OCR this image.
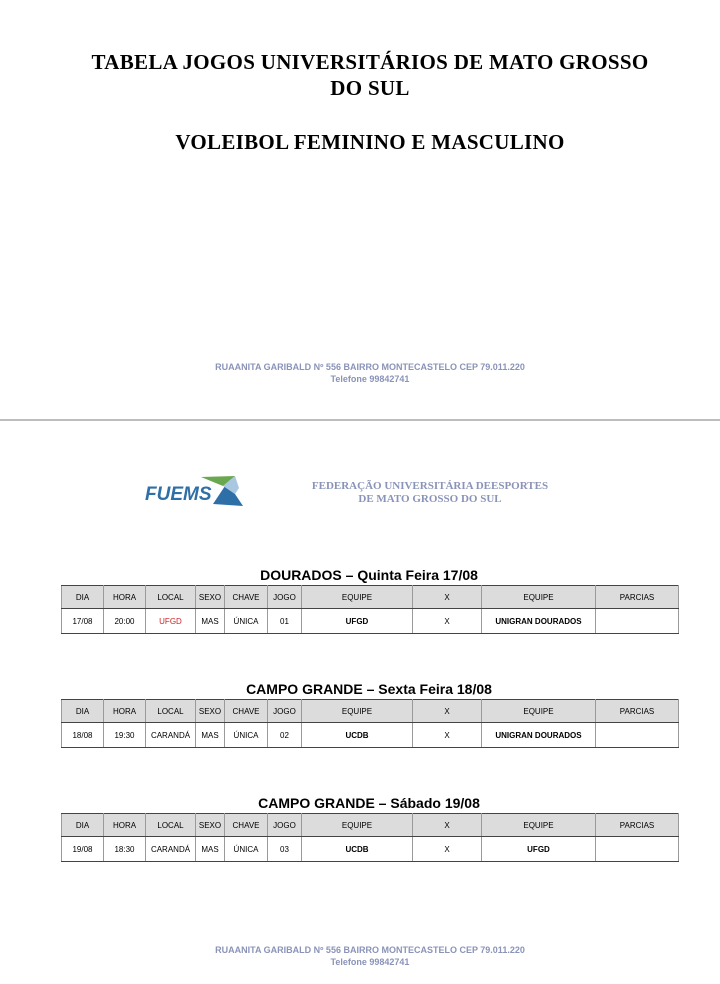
TABELA JOGOS UNIVERSITÁRIOS DE MATO GROSSO
DO SUL
VOLEIBOL FEMININO E MASCULINO
RUAANITA GARIBALD Nº 556 BAIRRO MONTECASTELO CEP 79.011.220
Telefone 99842741
FUEMS	FEDERAÇÃO UNIVERSITÁRIA DEESPORTES
DE MATO GROSSO DO SUL
DOURADOS – Quinta Feira 17/08
DIA	HORA	LOCAL	SEXO	CHAVE	JOGO	EQUIPE	X	EQUIPE	PARCIAS
17/08	20:00	UFGD	MAS	ÚNICA	01	UFGD	X	UNIGRAN DOURADOS	
CAMPO GRANDE – Sexta Feira 18/08
DIA	HORA	LOCAL	SEXO	CHAVE	JOGO	EQUIPE	X	EQUIPE	PARCIAS
18/08	19:30	CARANDÁ	MAS	ÚNICA	02	UCDB	X	UNIGRAN DOURADOS	
CAMPO GRANDE – Sábado 19/08
DIA	HORA	LOCAL	SEXO	CHAVE	JOGO	EQUIPE	X	EQUIPE	PARCIAS
19/08	18:30	CARANDÁ	MAS	ÚNICA	03	UCDB	X	UFGD	
RUAANITA GARIBALD Nº 556 BAIRRO MONTECASTELO CEP 79.011.220
Telefone 99842741
